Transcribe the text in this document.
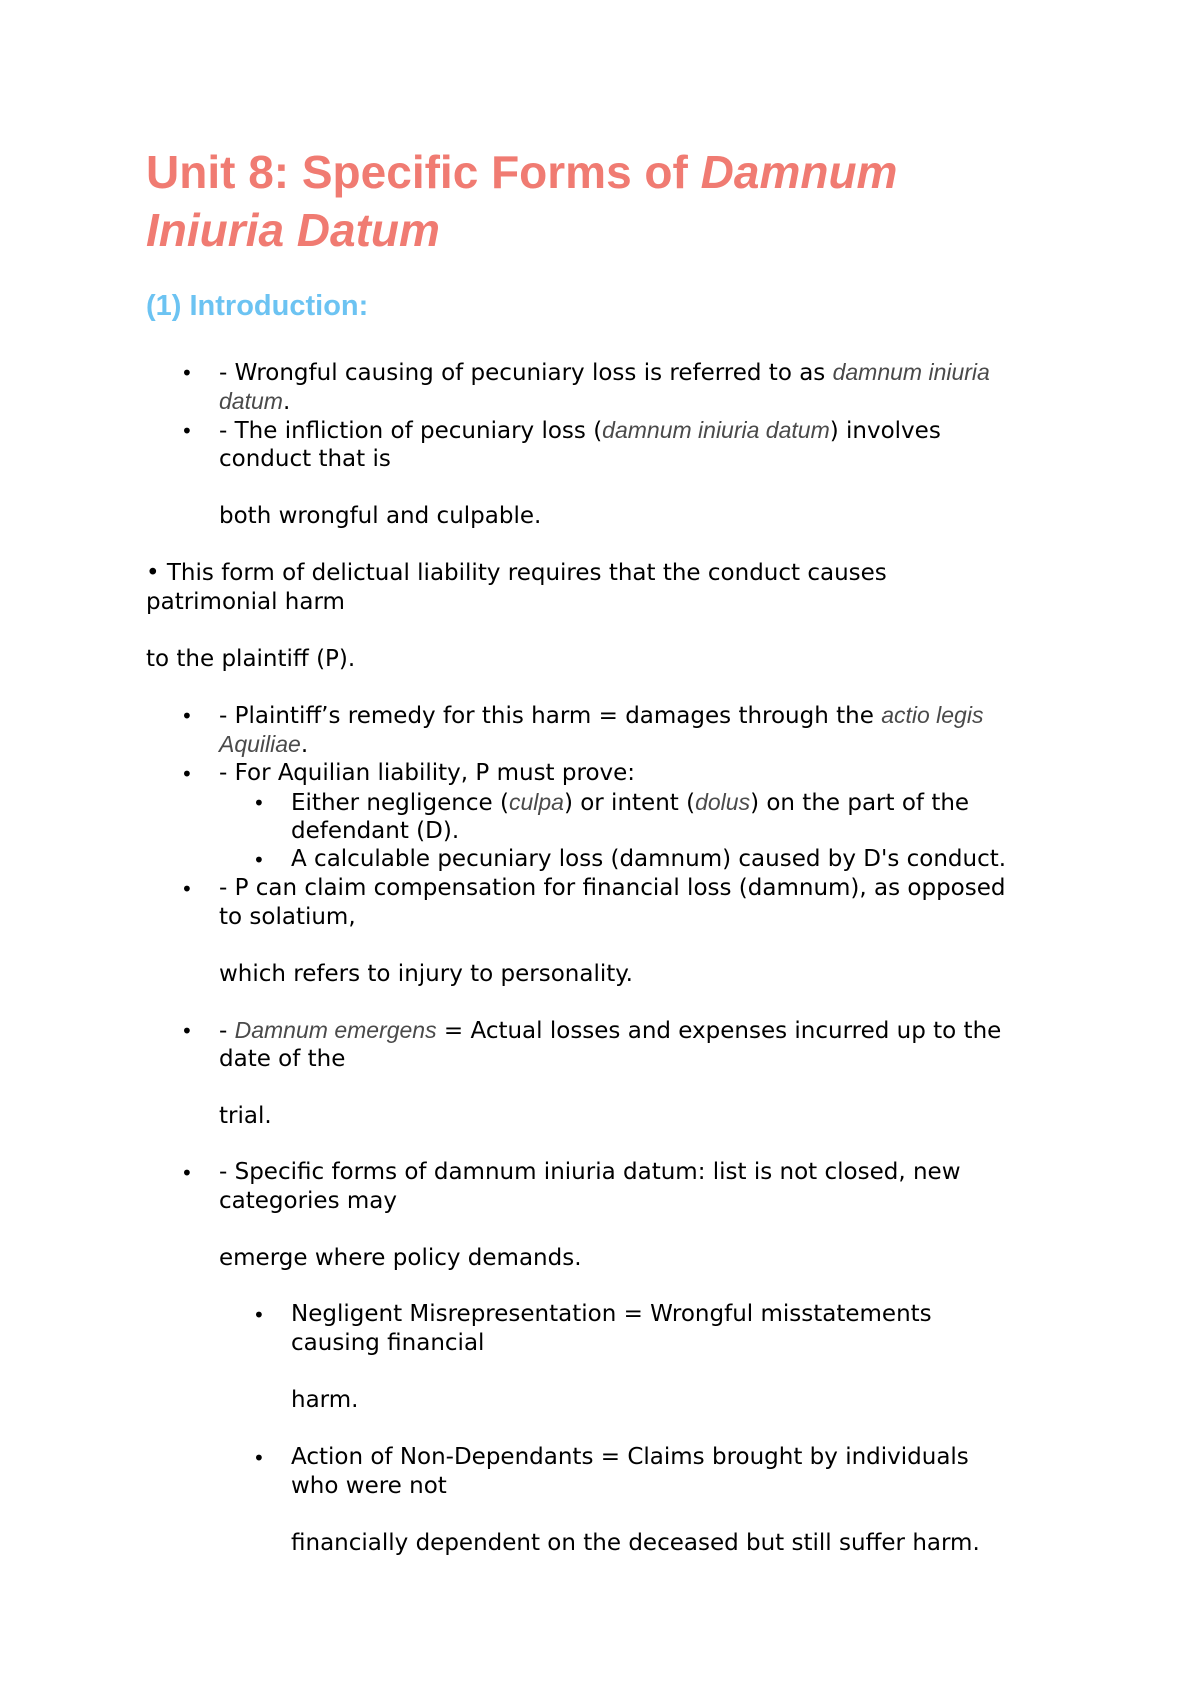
Unit 8: Specific Forms of Damnum
Iniuria Datum
(1) Introduction:
• - Wrongful causing of pecuniary loss is referred to as damnum iniuria
datum.
• - The infliction of pecuniary loss (damnum iniuria datum) involves
conduct that is
both wrongful and culpable.
• This form of delictual liability requires that the conduct causes
patrimonial harm
to the plaintiff (P).
• - Plaintiff’s remedy for this harm = damages through the actio legis
Aquiliae.
• - For Aquilian liability, P must prove:
• Either negligence (culpa) or intent (dolus) on the part of the
defendant (D).
• A calculable pecuniary loss (damnum) caused by D's conduct.
• - P can claim compensation for financial loss (damnum), as opposed
to solatium,
which refers to injury to personality.
• - Damnum emergens = Actual losses and expenses incurred up to the
date of the
trial.
• - Specific forms of damnum iniuria datum: list is not closed, new
categories may
emerge where policy demands.
• Negligent Misrepresentation = Wrongful misstatements
causing financial
harm.
• Action of Non-Dependants = Claims brought by individuals
who were not
financially dependent on the deceased but still suffer harm.
